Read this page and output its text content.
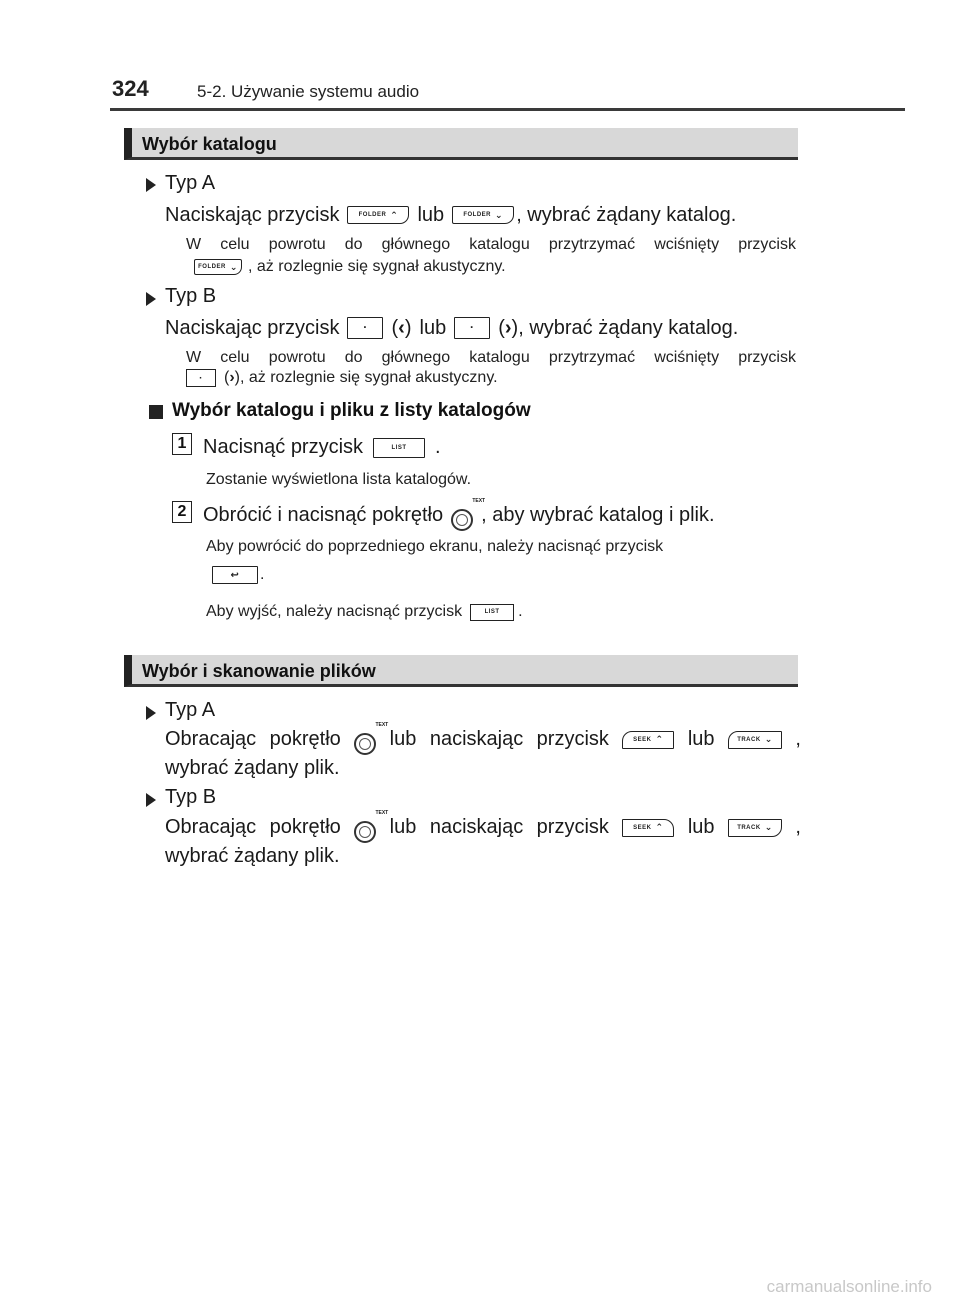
324	5-2. Używanie systemu audio
Wybór katalogu
Typ A
Naciskając przycisk	FOLDER ⌃ lub	FOLDER ⌄ , wybrać żądany katalog.
W celu powrotu do głównego katalogu przytrzymać wciśnięty przycisk
FOLDER ⌄ , aż rozlegnie się sygnał akustyczny.
Typ B
Naciskając przycisk · (‹) lub · (›), wybrać żądany katalog.
W celu powrotu do głównego katalogu przytrzymać wciśnięty przycisk
· (›), aż rozlegnie się sygnał akustyczny.
Wybór katalogu i pliku z listy katalogów
1 Nacisnąć przycisk	LIST .
Zostanie wyświetlona lista katalogów.
2 Obrócić i nacisnąć pokrętło
TEXT
, aby wybrać katalog i plik.
Aby powrócić do poprzedniego ekranu, należy nacisnąć przycisk
↩ .
Aby wyjść, należy nacisnąć przycisk	LIST .
Wybór i skanowanie plików
Typ A
Obracając pokrętło
TEXT
lub naciskając przycisk	SEEK ⌃ lub	TRACK ⌄ ,
wybrać żądany plik.
Typ B
Obracając pokrętło
TEXT
lub naciskając przycisk	SEEK ⌃ lub	TRACK ⌄ ,
wybrać żądany plik.
carmanualsonline.info
